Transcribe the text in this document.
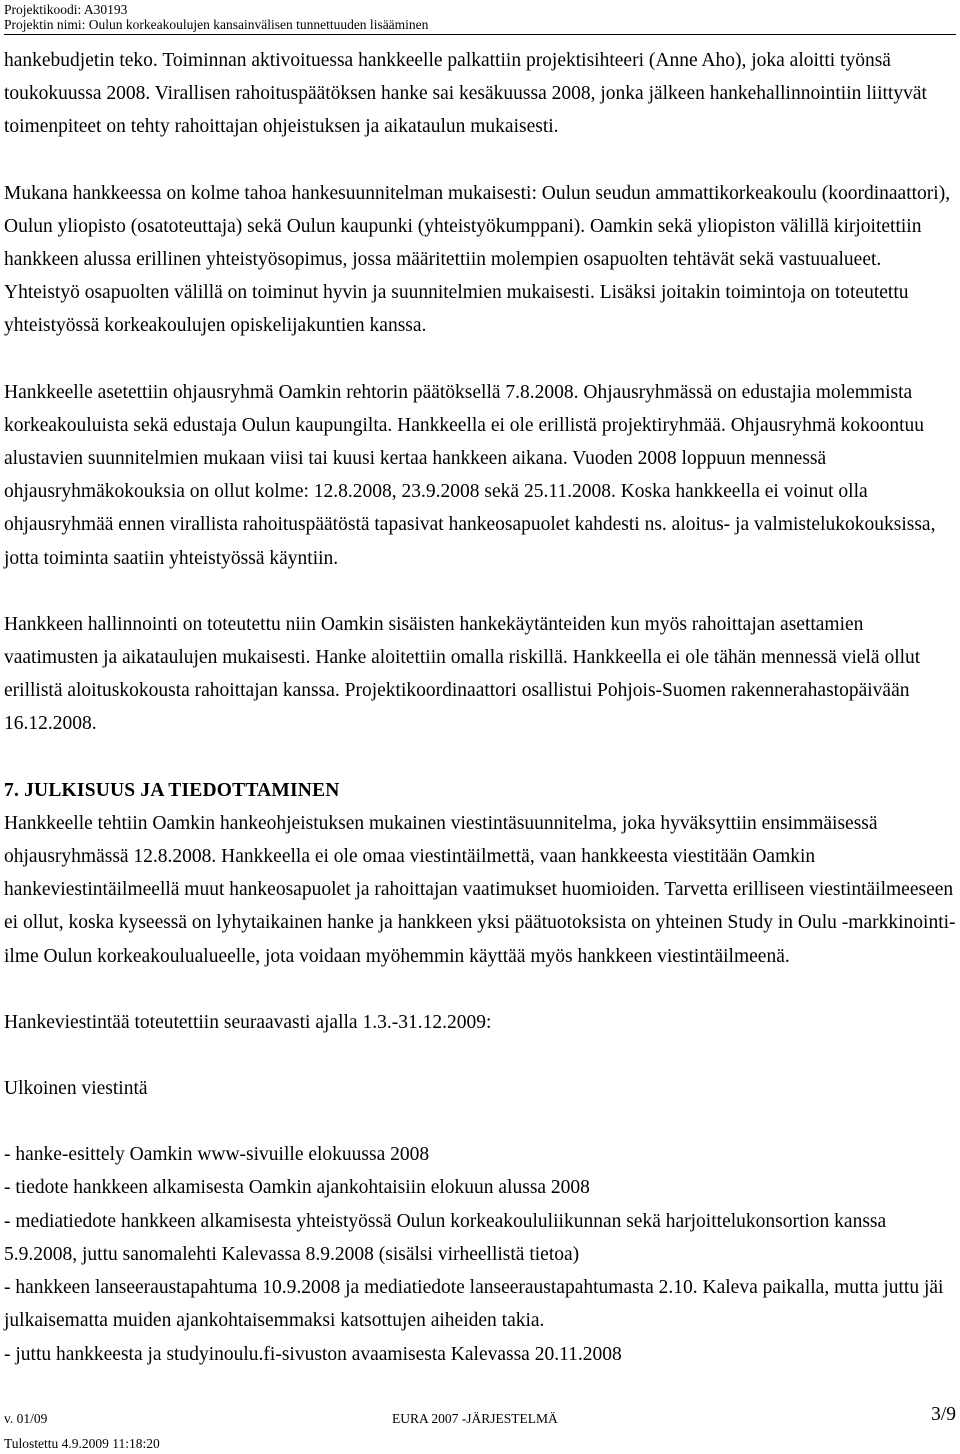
Projektikoodi: A30193
Projektin nimi: Oulun korkeakoulujen kansainvälisen tunnettuuden lisääminen

hankebudjetin teko. Toiminnan aktivoituessa hankkeelle palkattiin projektisihteeri (Anne Aho), joka aloitti työnsä toukokuussa 2008. Virallisen rahoituspäätöksen hanke sai kesäkuussa 2008, jonka jälkeen hankehallinnointiin liittyvät toimenpiteet on tehty rahoittajan ohjeistuksen ja aikataulun mukaisesti.

Mukana hankkeessa on kolme tahoa hankesuunnitelman mukaisesti: Oulun seudun ammattikorkeakoulu (koordinaattori), Oulun yliopisto (osatoteuttaja) sekä Oulun kaupunki (yhteistyökumppani). Oamkin sekä yliopiston välillä kirjoitettiin hankkeen alussa erillinen yhteistyösopimus, jossa määritettiin molempien osapuolten tehtävät sekä vastuualueet. Yhteistyö osapuolten välillä on toiminut hyvin ja suunnitelmien mukaisesti. Lisäksi joitakin toimintoja on toteutettu yhteistyössä korkeakoulujen opiskelijakuntien kanssa.

Hankkeelle asetettiin ohjausryhmä Oamkin rehtorin päätöksellä 7.8.2008. Ohjausryhmässä on edustajia molemmista korkeakouluista sekä edustaja Oulun kaupungilta. Hankkeella ei ole erillistä projektiryhmää. Ohjausryhmä kokoontuu alustavien suunnitelmien mukaan viisi tai kuusi kertaa hankkeen aikana. Vuoden 2008 loppuun mennessä ohjausryhmäkokouksia on ollut kolme: 12.8.2008, 23.9.2008 sekä 25.11.2008. Koska hankkeella ei voinut olla ohjausryhmää ennen virallista rahoituspäätöstä tapasivat hankeosapuolet kahdesti ns. aloitus- ja valmistelukokouksissa, jotta toiminta saatiin yhteistyössä käyntiin.

Hankkeen hallinnointi on toteutettu niin Oamkin sisäisten hankekäytänteiden kun myös rahoittajan asettamien vaatimusten ja aikataulujen mukaisesti. Hanke aloitettiin omalla riskillä. Hankkeella ei ole tähän mennessä vielä ollut erillistä aloituskokousta rahoittajan kanssa. Projektikoordinaattori osallistui Pohjois-Suomen rakennerahastopäivään 16.12.2008.

7. JULKISUUS JA TIEDOTTAMINEN

Hankkeelle tehtiin Oamkin hankeohjeistuksen mukainen viestintäsuunnitelma, joka hyväksyttiin ensimmäisessä ohjausryhmässä 12.8.2008. Hankkeella ei ole omaa viestintäilmettä, vaan hankkeesta viestitään Oamkin hankeviestintäilmeellä muut hankeosapuolet ja rahoittajan vaatimukset huomioiden. Tarvetta erilliseen viestintäilmeeseen ei ollut, koska kyseessä on lyhytaikainen hanke ja hankkeen yksi päätuotoksista on yhteinen Study in Oulu -markkinointi-ilme Oulun korkeakoulualueelle, jota voidaan myöhemmin käyttää myös hankkeen viestintäilmeenä.

Hankeviestintää toteutettiin seuraavasti ajalla 1.3.-31.12.2009:

Ulkoinen viestintä

- hanke-esittely Oamkin www-sivuille elokuussa 2008

- tiedote hankkeen alkamisesta Oamkin ajankohtaisiin elokuun alussa 2008

- mediatiedote hankkeen alkamisesta yhteistyössä Oulun korkeakoululiikunnan sekä harjoittelukonsortion kanssa 5.9.2008, juttu sanomalehti Kalevassa 8.9.2008 (sisälsi virheellistä tietoa)

- hankkeen lanseeraustapahtuma 10.9.2008 ja mediatiedote lanseeraustapahtumasta 2.10. Kaleva paikalla, mutta juttu jäi julkaisematta muiden ajankohtaisemmaksi katsottujen aiheiden takia.

- juttu hankkeesta ja studyinoulu.fi-sivuston avaamisesta Kalevassa 20.11.2008

v. 01/09	EURA 2007 -JÄRJESTELMÄ	3/9
Tulostettu 4.9.2009 11:18:20
